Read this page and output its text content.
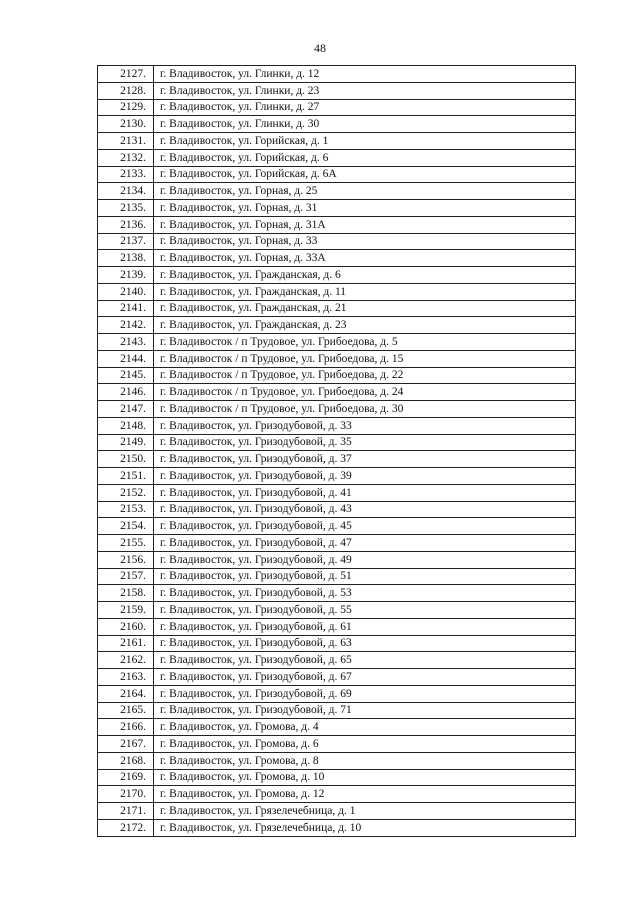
48
2127.	г. Владивосток, ул. Глинки, д. 12
2128.	г. Владивосток, ул. Глинки, д. 23
2129.	г. Владивосток, ул. Глинки, д. 27
2130.	г. Владивосток, ул. Глинки, д. 30
2131.	г. Владивосток, ул. Горийская, д. 1
2132.	г. Владивосток, ул. Горийская, д. 6
2133.	г. Владивосток, ул. Горийская, д. 6А
2134.	г. Владивосток, ул. Горная, д. 25
2135.	г. Владивосток, ул. Горная, д. 31
2136.	г. Владивосток, ул. Горная, д. 31А
2137.	г. Владивосток, ул. Горная, д. 33
2138.	г. Владивосток, ул. Горная, д. 33А
2139.	г. Владивосток, ул. Гражданская, д. 6
2140.	г. Владивосток, ул. Гражданская, д. 11
2141.	г. Владивосток, ул. Гражданская, д. 21
2142.	г. Владивосток, ул. Гражданская, д. 23
2143.	г. Владивосток / п Трудовое, ул. Грибоедова, д. 5
2144.	г. Владивосток / п Трудовое, ул. Грибоедова, д. 15
2145.	г. Владивосток / п Трудовое, ул. Грибоедова, д. 22
2146.	г. Владивосток / п Трудовое, ул. Грибоедова, д. 24
2147.	г. Владивосток / п Трудовое, ул. Грибоедова, д. 30
2148.	г. Владивосток, ул. Гризодубовой, д. 33
2149.	г. Владивосток, ул. Гризодубовой, д. 35
2150.	г. Владивосток, ул. Гризодубовой, д. 37
2151.	г. Владивосток, ул. Гризодубовой, д. 39
2152.	г. Владивосток, ул. Гризодубовой, д. 41
2153.	г. Владивосток, ул. Гризодубовой, д. 43
2154.	г. Владивосток, ул. Гризодубовой, д. 45
2155.	г. Владивосток, ул. Гризодубовой, д. 47
2156.	г. Владивосток, ул. Гризодубовой, д. 49
2157.	г. Владивосток, ул. Гризодубовой, д. 51
2158.	г. Владивосток, ул. Гризодубовой, д. 53
2159.	г. Владивосток, ул. Гризодубовой, д. 55
2160.	г. Владивосток, ул. Гризодубовой, д. 61
2161.	г. Владивосток, ул. Гризодубовой, д. 63
2162.	г. Владивосток, ул. Гризодубовой, д. 65
2163.	г. Владивосток, ул. Гризодубовой, д. 67
2164.	г. Владивосток, ул. Гризодубовой, д. 69
2165.	г. Владивосток, ул. Гризодубовой, д. 71
2166.	г. Владивосток, ул. Громова, д. 4
2167.	г. Владивосток, ул. Громова, д. 6
2168.	г. Владивосток, ул. Громова, д. 8
2169.	г. Владивосток, ул. Громова, д. 10
2170.	г. Владивосток, ул. Громова, д. 12
2171.	г. Владивосток, ул. Грязелечебница, д. 1
2172.	г. Владивосток, ул. Грязелечебница, д. 10
